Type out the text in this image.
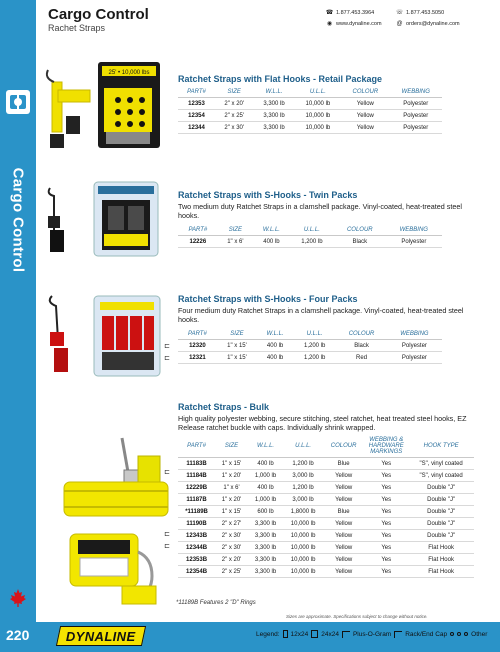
Cargo Control
Cargo Control
Rachet Straps
☎ 1.877.453.3964	☏ 1.877.453.5050
◉ www.dynaline.com @ orders@dynaline.com
25' • 10,000 lbs
Ratchet Straps with Flat Hooks - Retail Package
PART#	SIZE	W.L.L.	U.L.L.	COLOUR	WEBBING
12353	2" x 20'	3,300 lb	10,000 lb	Yellow	Polyester
12354	2" x 25'	3,300 lb	10,000 lb	Yellow	Polyester
12344	2" x 30'	3,300 lb	10,000 lb	Yellow	Polyester
Ratchet Straps with S-Hooks - Twin Packs
Two medium duty Ratchet Straps in a clamshell package. Vinyl-coated, heat-treated steel hooks.
PART#	SIZE	W.L.L.	U.L.L.	COLOUR	WEBBING
12226	1" x 6'	400 lb	1,200 lb	Black	Polyester
Ratchet Straps with S-Hooks - Four Packs
Four medium duty Ratchet Straps in a clamshell package. Vinyl-coated, heat-treated steel hooks.
PART#	SIZE	W.L.L.	U.L.L.	COLOUR	WEBBING
12320	1" x 15'	400 lb	1,200 lb	Black	Polyester
12321	1" x 15'	400 lb	1,200 lb	Red	Polyester
⊏
⊏
Ratchet Straps - Bulk
High quality polyester webbing, secure stitching, steel ratchet, heat treated steel hooks, EZ Release ratchet buckle with caps. Individually shrink wrapped.
PART#	SIZE	W.L.L.	U.L.L.	COLOUR	WEBBING & HARDWARE MARKINGS	HOOK TYPE
11183B	1" x 15'	400 lb	1,200 lb	Blue	Yes	"S", vinyl coated
11184B	1" x 20'	1,000 lb	3,000 lb	Yellow	Yes	"S", vinyl coated
12229B	1" x 6'	400 lb	1,200 lb	Yellow	Yes	Double "J"
11187B	1" x 20'	1,000 lb	3,000 lb	Yellow	Yes	Double "J"
*11189B	1" x 15'	600 lb	1,8000 lb	Blue	Yes	Double "J"
11190B	2" x 27'	3,300 lb	10,000 lb	Yellow	Yes	Double "J"
12343B	2" x 30'	3,300 lb	10,000 lb	Yellow	Yes	Double "J"
12344B	2" x 30'	3,300 lb	10,000 lb	Yellow	Yes	Flat Hook
12353B	2" x 20'	3,300 lb	10,000 lb	Yellow	Yes	Flat Hook
12354B	2" x 25'	3,300 lb	10,000 lb	Yellow	Yes	Flat Hook
⊏
⊏
⊏
*11189B Features 2 "D" Rings
Sizes are approximate. Specifications subject to change without notice.
220	DYNALINE	Legend: 12x24 24x24 Plus-O-Gram Rack/End Cap	Other
